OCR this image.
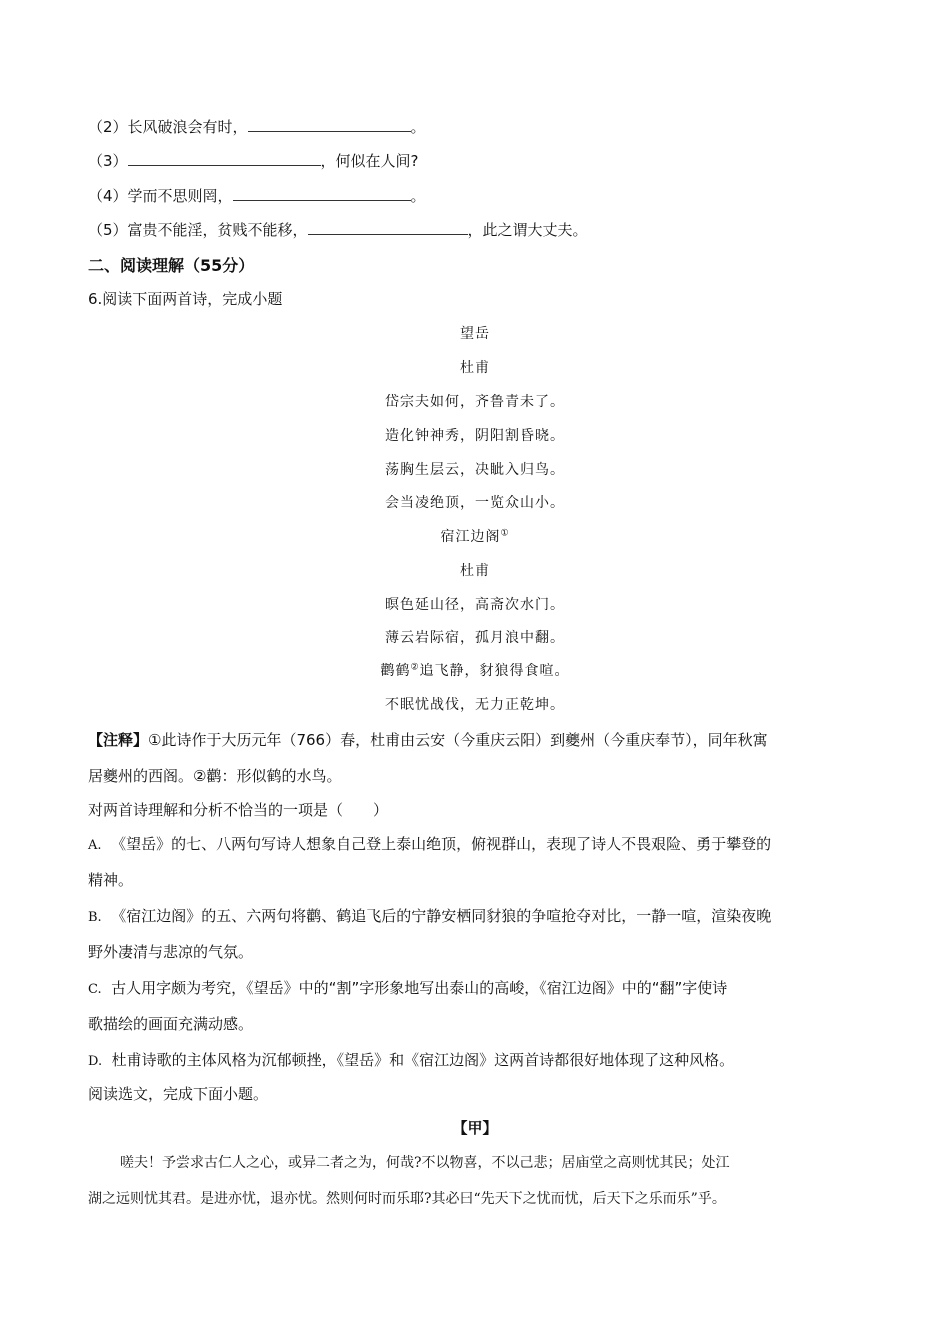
（2）长风破浪会有时，	。
（3）	，何似在人间?
（4）学而不思则罔，	。
（5）富贵不能淫，贫贱不能移，	，此之谓大丈夫。
二、阅读理解（55分）
6.阅读下面两首诗，完成小题
望岳
杜甫
岱宗夫如何，齐鲁青未了。
造化钟神秀，阴阳割昏晓。
荡胸生层云，决眦入归鸟。
会当凌绝顶，一览众山小。
宿江边阁①
杜甫
暝色延山径，高斋次水门。
薄云岩际宿，孤月浪中翻。
鹳鹤②追飞静，豺狼得食喧。
不眠忧战伐，无力正乾坤。
【注释】①此诗作于大历元年（766）春，杜甫由云安（今重庆云阳）到夔州（今重庆奉节），同年秋寓
居夔州的西阁。②鹳：形似鹤的水鸟。
对两首诗理解和分析不恰当的一项是（　　）
A. 《望岳》的七、八两句写诗人想象自己登上泰山绝顶，俯视群山，表现了诗人不畏艰险、勇于攀登的
精神。
B. 《宿江边阁》的五、六两句将鹳、鹤追飞后的宁静安栖同豺狼的争喧抢夺对比，一静一喧，渲染夜晚
野外凄清与悲凉的气氛。
C. 古人用字颇为考究，《望岳》中的“割”字形象地写出泰山的高峻，《宿江边阁》中的“翻”字使诗
歌描绘的画面充满动感。
D. 杜甫诗歌的主体风格为沉郁顿挫，《望岳》和《宿江边阁》这两首诗都很好地体现了这种风格。
阅读选文，完成下面小题。
【甲】
嗟夫！予尝求古仁人之心，或异二者之为，何哉?不以物喜，不以己悲；居庙堂之高则忧其民；处江
湖之远则忧其君。是进亦忧，退亦忧。然则何时而乐耶?其必曰“先天下之忧而忧，后天下之乐而乐”乎。
